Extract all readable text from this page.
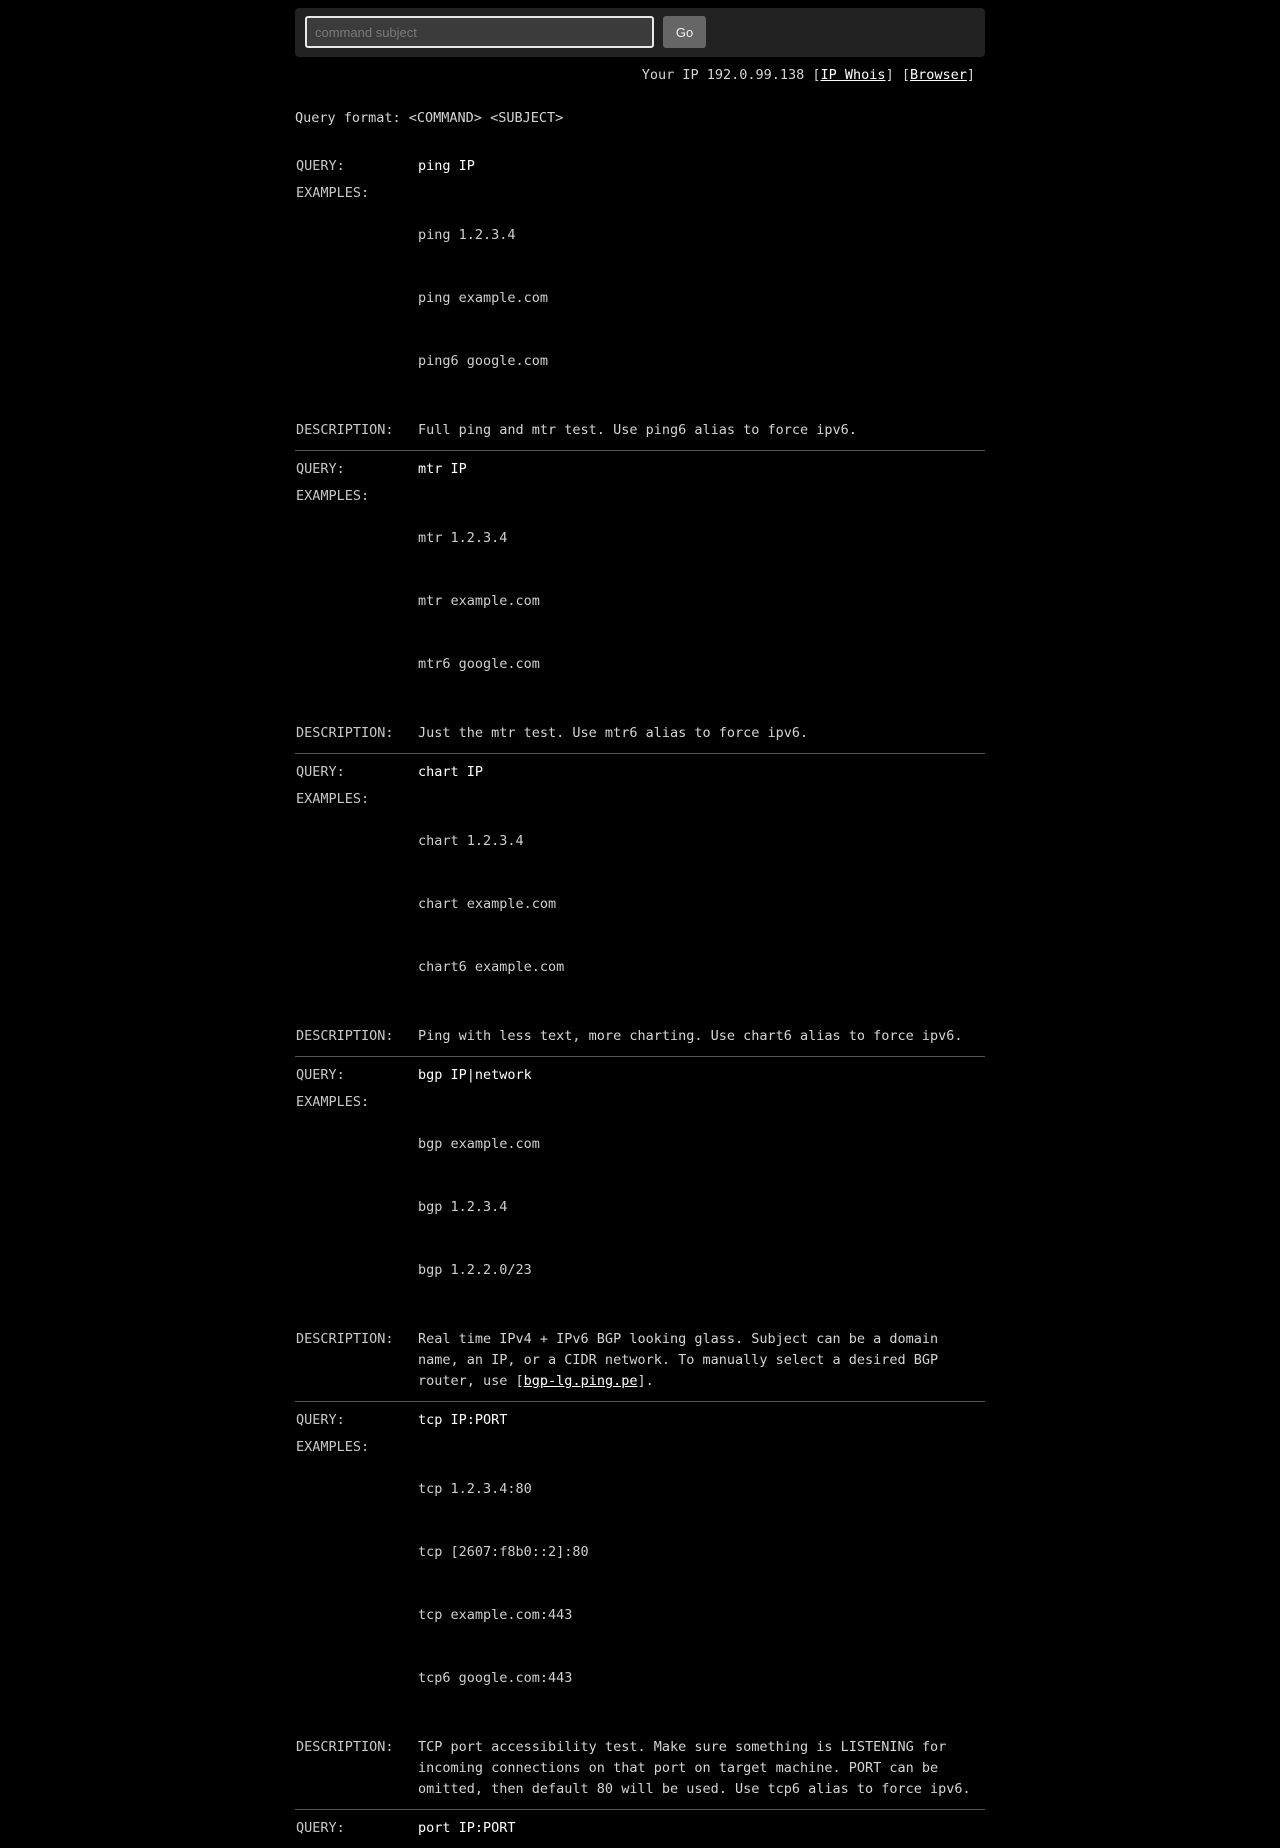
command subject
Go
Your IP 192.0.99.138 [IP Whois] [Browser]
Query format: <COMMAND> <SUBJECT>
QUERY:	ping IP
EXAMPLES:

ping 1.2.3.4

ping example.com

ping6 google.com

DESCRIPTION:	Full ping and mtr test. Use ping6 alias to force ipv6.
QUERY:	mtr IP
EXAMPLES:

mtr 1.2.3.4

mtr example.com

mtr6 google.com

DESCRIPTION:	Just the mtr test. Use mtr6 alias to force ipv6.
QUERY:	chart IP
EXAMPLES:

chart 1.2.3.4

chart example.com

chart6 example.com

DESCRIPTION:	Ping with less text, more charting. Use chart6 alias to force ipv6.
QUERY:	bgp IP|network
EXAMPLES:

bgp example.com

bgp 1.2.3.4

bgp 1.2.2.0/23

DESCRIPTION:	Real time IPv4 + IPv6 BGP looking glass. Subject can be a domain name, an IP, or a CIDR network. To manually select a desired BGP router, use [bgp-lg.ping.pe].
QUERY:	tcp IP:PORT
EXAMPLES:

tcp 1.2.3.4:80

tcp [2607:f8b0::2]:80

tcp example.com:443

tcp6 google.com:443

DESCRIPTION:	TCP port accessibility test. Make sure something is LISTENING for incoming connections on that port on target machine. PORT can be omitted, then default 80 will be used. Use tcp6 alias to force ipv6.
QUERY:	port IP:PORT
